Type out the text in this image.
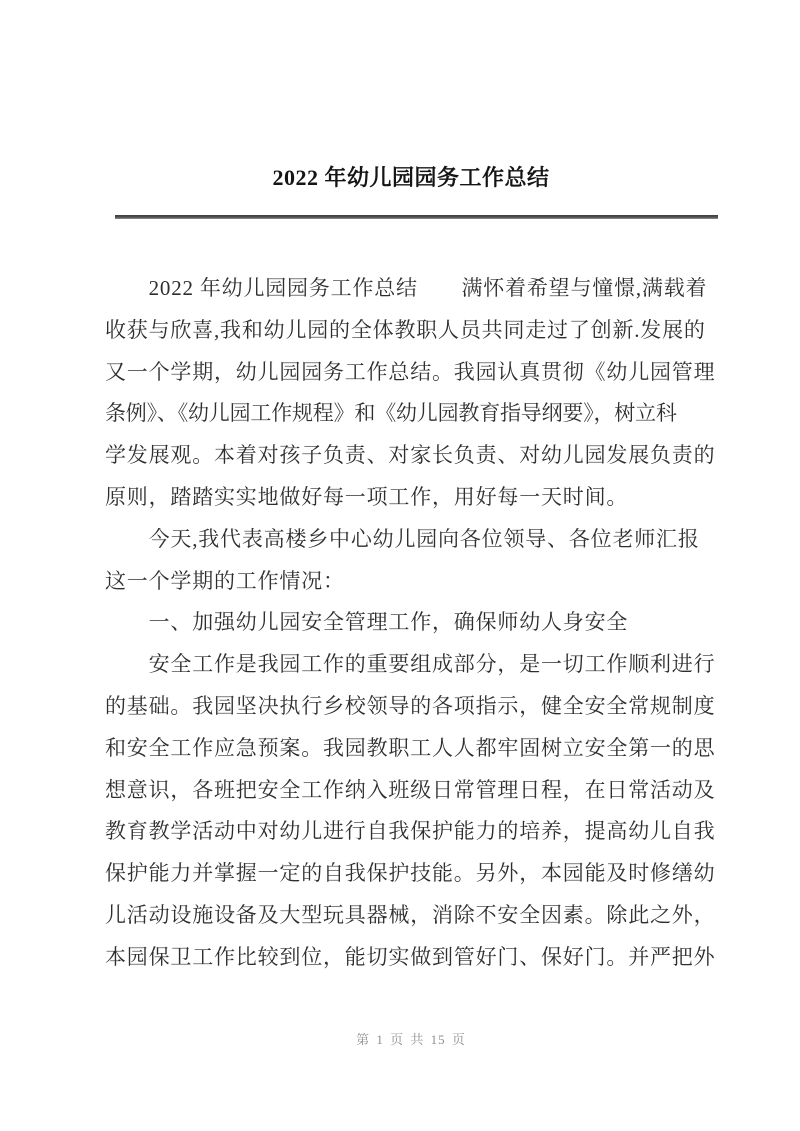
2022 年幼儿园园务工作总结
2022 年幼儿园园务工作总结　　满怀着希望与憧憬,满载着
收获与欣喜,我和幼儿园的全体教职人员共同走过了创新.发展的
又一个学期，幼儿园园务工作总结。我园认真贯彻《幼儿园管理
条例》、《幼儿园工作规程》和《幼儿园教育指导纲要》，树立科
学发展观。本着对孩子负责、对家长负责、对幼儿园发展负责的
原则，踏踏实实地做好每一项工作，用好每一天时间。
今天,我代表高楼乡中心幼儿园向各位领导、各位老师汇报
这一个学期的工作情况：
一、加强幼儿园安全管理工作，确保师幼人身安全
安全工作是我园工作的重要组成部分，是一切工作顺利进行
的基础。我园坚决执行乡校领导的各项指示，健全安全常规制度
和安全工作应急预案。我园教职工人人都牢固树立安全第一的思
想意识，各班把安全工作纳入班级日常管理日程，在日常活动及
教育教学活动中对幼儿进行自我保护能力的培养，提高幼儿自我
保护能力并掌握一定的自我保护技能。另外，本园能及时修缮幼
儿活动设施设备及大型玩具器械，消除不安全因素。除此之外，
本园保卫工作比较到位，能切实做到管好门、保好门。并严把外
第 1 页 共 15 页
